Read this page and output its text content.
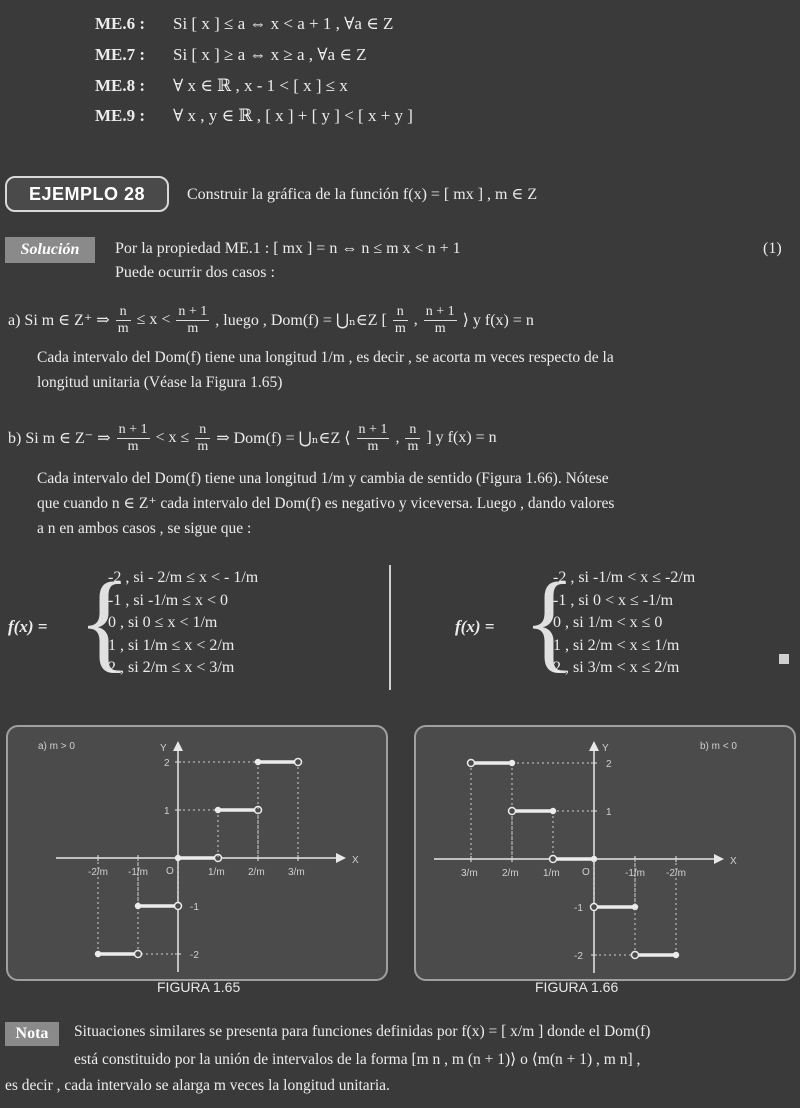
ME.6 : Si [ x ] ≤ a ⇔ x < a + 1 , ∀a ∈ Z
ME.7 : Si [ x ] ≥ a ⇔ x ≥ a , ∀a ∈ Z
ME.8 : ∀ x ∈ ℝ , x - 1 < [ x ] ≤ x
ME.9 : ∀ x , y ∈ ℝ , [ x ] + [ y ] < [ x + y ]
EJEMPLO 28	Construir la gráfica de la función f(x) = [ mx ] , m ∈ Z
Solución	Por la propiedad ME.1 : [ mx ] = n ⇔ n ≤ m x < n + 1	(1)
Puede ocurrir dos casos :
a) Si m ∈ Z⁺ ⇒ $\frac{n}{m} \le x < \frac{n + 1}{m}$ , luego , Dom(f) = ⋃ₙ∈Z [ $\frac{n}{m}$ , $\frac{n + 1}{m}$ ⟩ y f(x) = n
Cada intervalo del Dom(f) tiene una longitud 1/m , es decir , se acorta m veces respecto de la
longitud unitaria (Véase la Figura 1.65)
b) Si m ∈ Z⁻ ⇒ $\frac{n + 1}{m} < x \le \frac{n}{m}$ ⇒ Dom(f) = ⋃ₙ∈Z ⟨ $\frac{n + 1}{m}$ , $\frac{n}{m}$ ] y f(x) = n
Cada intervalo del Dom(f) tiene una longitud 1/m y cambia de sentido (Figura 1.66). Nótese
que cuando n ∈ Z⁺ cada intervalo del Dom(f) es negativo y viceversa. Luego , dando valores
a n en ambos casos , se sigue que :
f(x) = {
-2 , si - 2/m ≤ x < - 1/m
-1 , si -1/m ≤ x < 0
0 , si 0 ≤ x < 1/m
1 , si 1/m ≤ x < 2/m
2 , si 2/m ≤ x < 3/m
f(x) = {
-2 , si -1/m < x ≤ -2/m
-1 , si 0 < x ≤ -1/m
0 , si 1/m < x ≤ 0
1 , si 2/m < x ≤ 1/m
2 , si 3/m < x ≤ 2/m
X
Y
O
a) m > 0
-2/m -1/m	1/m 2/m 3/m
2
1
-1
-2
FIGURA 1.65
X
Y
O
b) m < 0
3/m 2/m 1/m	-1/m -2/m
2
1
-1
-2
FIGURA 1.66
Nota	Situaciones similares se presenta para funciones definidas por f(x) = [ x/m ] donde el Dom(f)
está constituido por la unión de intervalos de la forma [m n , m (n + 1)⟩ o ⟨m(n + 1) , m n] ,
es decir , cada intervalo se alarga m veces la longitud unitaria.
